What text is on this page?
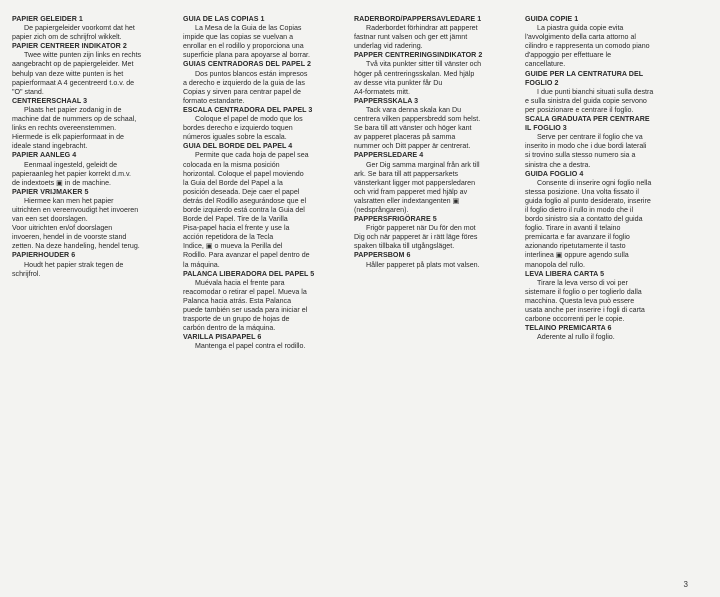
PAPIER GELEIDER 1
De papiergeleider voorkomt dat het
papier zich om de schrijfrol wikkelt.
PAPIER CENTREER INDIKATOR 2
Twee witte punten zijn links en rechts
aangebracht op de papiergeleider. Met
behulp van deze witte punten is het
papierformaat A 4 gecentreerd t.o.v. de
"O" stand.
CENTREERSCHAAL 3
Plaats het papier zodanig in de
machine dat de nummers op de schaal,
links en rechts overeenstemmen.
Hiermede is elk papierformaat in de
ideale stand ingebracht.
PAPIER AANLEG 4
Eenmaal ingesteld, geleidt de
papieraanleg het papier korrekt d.m.v.
de indextoets ▣ in de machine.
PAPIER VRIJMAKER 5
Hiermee kan men het papier
uitrichten en vereenvoudigt het invoeren
van een set doorslagen.
Voor uitrichten en/of doorslagen
invoeren, hendel in de voorste stand
zetten. Na deze handeling, hendel terug.
PAPIERHOUDER 6
Houdt het papier strak tegen de
schrijfrol.
GUIA DE LAS COPIAS 1
La Mesa de la Guia de las Copias
impide que las copias se vuelvan a
enrollar en el rodillo y proporciona una
superficie plana para apoyarse al borrar.
GUIAS CENTRADORAS DEL PAPEL 2
Dos puntos blancos están impresos
a derecho e izquierdo de la guia de las
Copias y sirven para centrar papel de
formato estandarte.
ESCALA CENTRADORA DEL PAPEL 3
Coloque el papel de modo que los
bordes derecho e izquierdo toquen
números iguales sobre la escala.
GUIA DEL BORDE DEL PAPEL 4
Permite que cada hoja de papel sea
colocada en la misma posición
horizontal. Coloque el papel moviendo
la Guia del Borde del Papel a la
posición deseada. Deje caer el papel
detrás del Rodillo asegurándose que el
borde izquierdo está contra la Guia del
Borde del Papel. Tire de la Varilla
Pisa-papel hacia el frente y use la
acción repetidora de la Tecla
Indice, ▣ o mueva la Perilla del
Rodillo. Para avanzar el papel dentro de
la máquina.
PALANCA LIBERADORA DEL PAPEL 5
Muévala hacia el frente para
reacomodar o retirar el papel. Mueva la
Palanca hacia atrás. Esta Palanca
puede también ser usada para iniciar el
trasporte de un grupo de hojas de
carbón dentro de la máquina.
VARILLA PISAPAPEL 6
Mantenga el papel contra el rodillo.
RADERBORD/PAPPERSAVLEDARE 1
Raderbordet förhindrar att papperet
fastnar runt valsen och ger ett jämnt
underlag vid radering.
PAPPER CENTRERINGSINDIKATOR 2
Två vita punkter sitter till vänster och
höger på centreringsskalan. Med hjälp
av desse vita punkter får Du
A4-formatets mitt.
PAPPERSSKALA 3
Tack vara denna skala kan Du
centrera vilken pappersbredd som helst.
Se bara till att vänster och höger kant
av papperet placeras på samma
nummer och Ditt papper är centrerat.
PAPPERSLEDARE 4
Ger Dig samma marginal från ark till
ark. Se bara till att pappersarkets
vänsterkant ligger mot pappersledaren
och vrid fram papperet med hjälp av
valsratten eller indextangenten ▣
(nedsprångaren).
PAPPERSFRIGÖRARE 5
Frigör papperet när Du för den mot
Dig och när papperet är i rätt läge föres
spaken tillbaka till utgångsläget.
PAPPERSBOM 6
Håller papperet på plats mot valsen.
GUIDA COPIE 1
La piastra guida copie evita
l'avvolgimento della carta attorno al
cilindro e rappresenta un comodo piano
d'appoggio per effettuare le
cancellature.
GUIDE PER LA CENTRATURA DEL
FOGLIO 2
I due punti bianchi situati sulla destra
e sulla sinistra del guida copie servono
per posizionare e centrare il foglio.
SCALA GRADUATA PER CENTRARE
IL FOGLIO 3
Serve per centrare il foglio che va
inserito in modo che i due bordi laterali
si trovino sulla stesso numero sia a
sinistra che a destra.
GUIDA FOGLIO 4
Consente di inserire ogni foglio nella
stessa posizione. Una volta fissato il
guida foglio al punto desiderato, inserire
il foglio dietro il rullo in modo che il
bordo sinistro sia a contatto del guida
foglio. Tirare in avanti il telaino
premicarta e far avanzare il foglio
azionando ripetutamente il tasto
interlinea ▣ oppure agendo sulla
manopola del rullo.
LEVA LIBERA CARTA 5
Tirare la leva verso di voi per
sistemare il foglio o per toglierlo dalla
macchina. Questa leva può essere
usata anche per inserire i fogli di carta
carbone occorrenti per le copie.
TELAINO PREMICARTA 6
Aderente al rullo il foglio.
3
